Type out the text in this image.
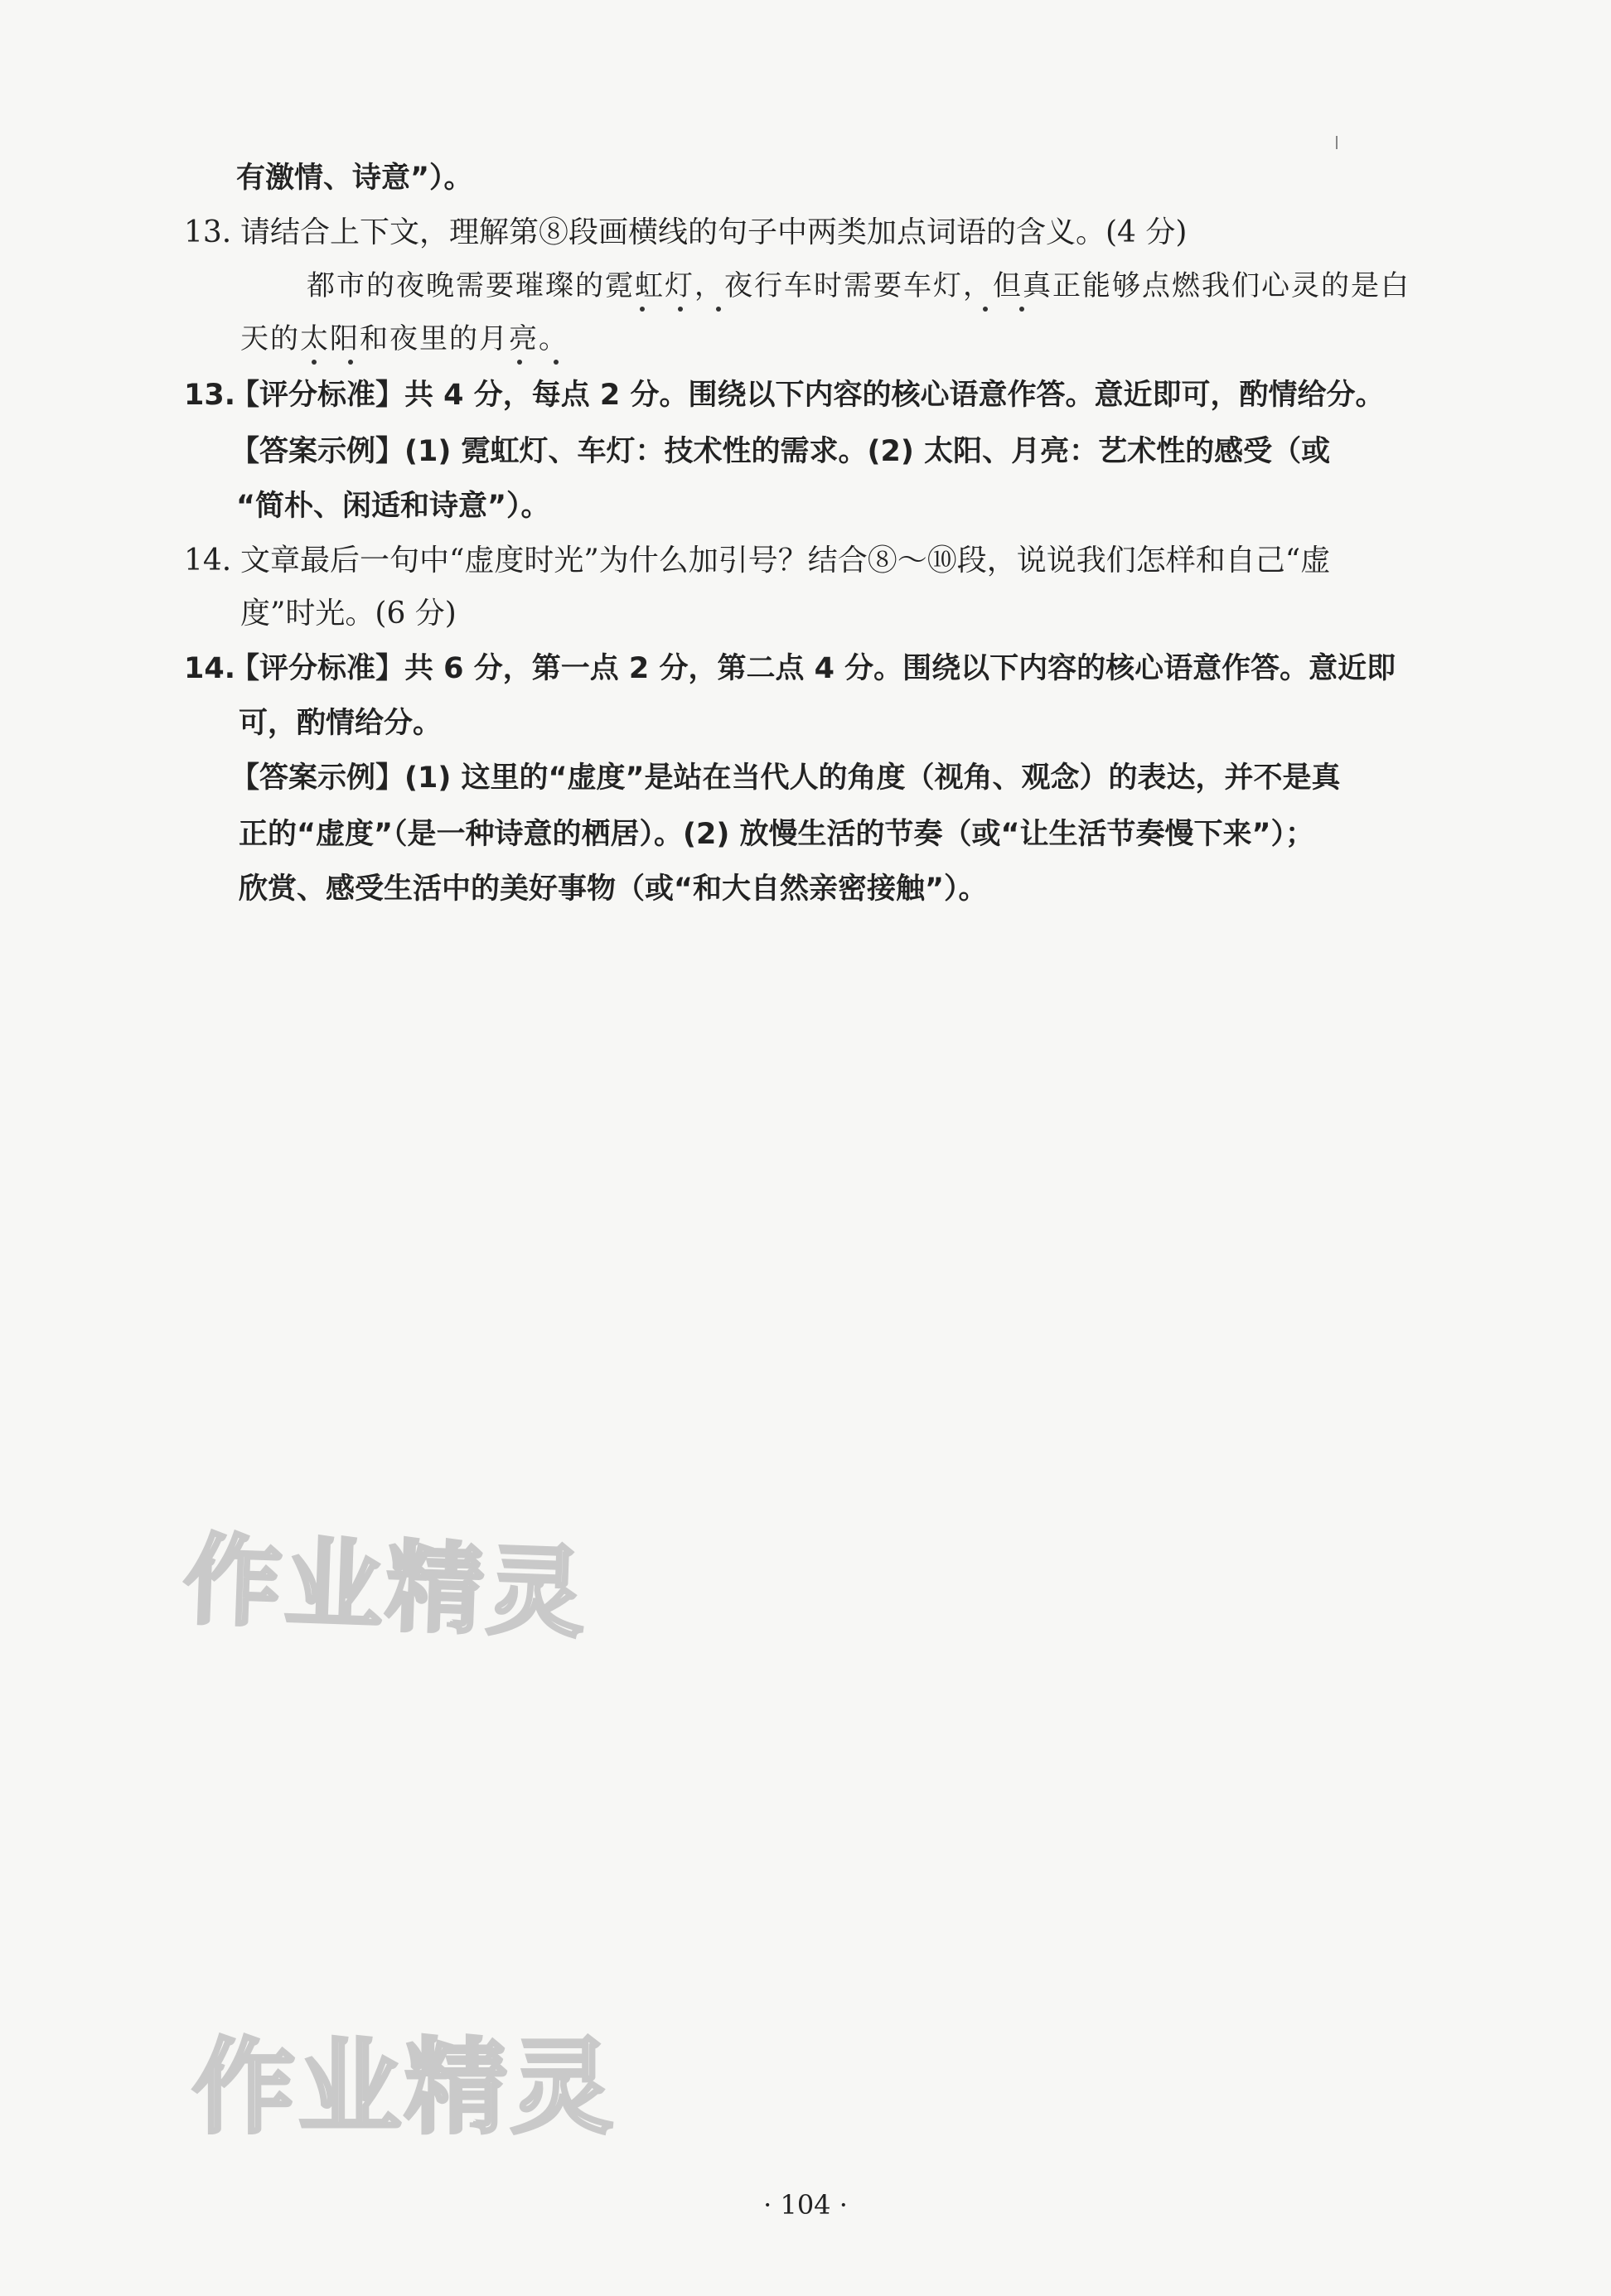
有激情、诗意”）。
13. 请结合上下文，理解第⑧段画横线的句子中两类加点词语的含义。(4 分)
都市的夜晚需要璀璨的霓虹灯，夜行车时需要车灯，但真正能够点燃我们心灵的是白
天的太阳和夜里的月亮。
13.
【评分标准】共 4 分，每点 2 分。围绕以下内容的核心语意作答。意近即可，酌情给分。
【答案示例】(1) 霓虹灯、车灯：技术性的需求。(2) 太阳、月亮：艺术性的感受（或
“简朴、闲适和诗意”）。
14. 文章最后一句中“虚度时光”为什么加引号？结合⑧～⑩段，说说我们怎样和自己“虚
度”时光。(6 分)
14.
【评分标准】共 6 分，第一点 2 分，第二点 4 分。围绕以下内容的核心语意作答。意近即
可，酌情给分。
【答案示例】(1) 这里的“虚度”是站在当代人的角度（视角、观念）的表达，并不是真
正的“虚度”（是一种诗意的栖居）。(2) 放慢生活的节奏（或“让生活节奏慢下来”）；
欣赏、感受生活中的美好事物（或“和大自然亲密接触”）。
作业精灵
作业精灵
· 104 ·
